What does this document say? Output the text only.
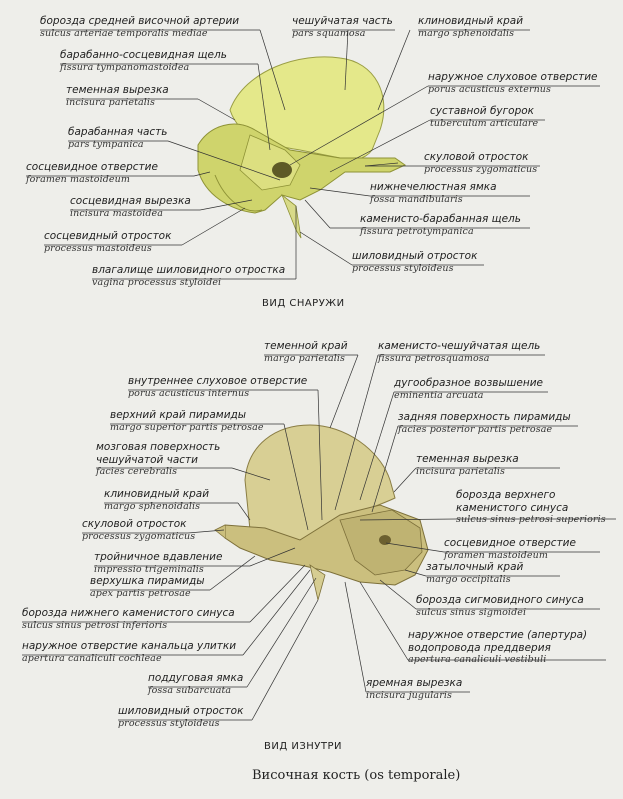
борозда средней височной артерии
sulcus arteriae temporalis mediae
чешуйчатая часть
pars squamosa
клиновидный край
margo sphenoidalis
барабанно-сосцевидная щель
fissura tympanomastoidea
наружное слуховое отверстие
porus acusticus externus
теменная вырезка
incisura parietalis
суставной бугорок
tuberculum articulare
барабанная часть
pars tympanica
скуловой отросток
processus zygomaticus
сосцевидное отверстие
foramen mastoideum
нижнечелюстная ямка
fossa mandibularis
сосцевидная вырезка
incisura mastoidea	каменисто-барабанная щель
fissura petrotympanica
сосцевидный отросток
processus mastoideus
шиловидный отросток
processus styloideus
влагалище шиловидного отростка
vagina processus styloidei
ВИД СНАРУЖИ
теменной край
margo parietalis
каменисто-чешуйчатая щель
fissura petrosquamosa
внутреннее слуховое отверстие
porus acusticus internus
дугообразное возвышение
eminentia arcuata
верхний край пирамиды
margo superior partis petrosae
задняя поверхность пирамиды
facies posterior partis petrosae
мозговая поверхность
чешуйчатой части
facies cerebralis
теменная вырезка
incisura parietalis
клиновидный край
margo sphenoidalis
борозда верхнего
каменистого синуса
sulcus sinus petrosi superioris
скуловой отросток
processus zygomaticus
сосцевидное отверстие
foramen mastoideum
тройничное вдавление
impressio trigeminalis	затылочный край
margo occipitalis
верхушка пирамиды
apex partis petrosae
борозда сигмовидного синуса
sulcus sinus sigmoidei
борозда нижнего каменистого синуса
sulcus sinus petrosi inferioris
наружное отверстие (апертура)
водопровода преддверия
apertura canaliculi vestibuli
наружное отверстие канальца улитки
apertura canaliculi cochleae
поддуговая ямка
fossa subarcuata
яремная вырезка
incisura jugularis
шиловидный отросток
processus styloideus
ВИД ИЗНУТРИ
Височная кость (os temporale)
